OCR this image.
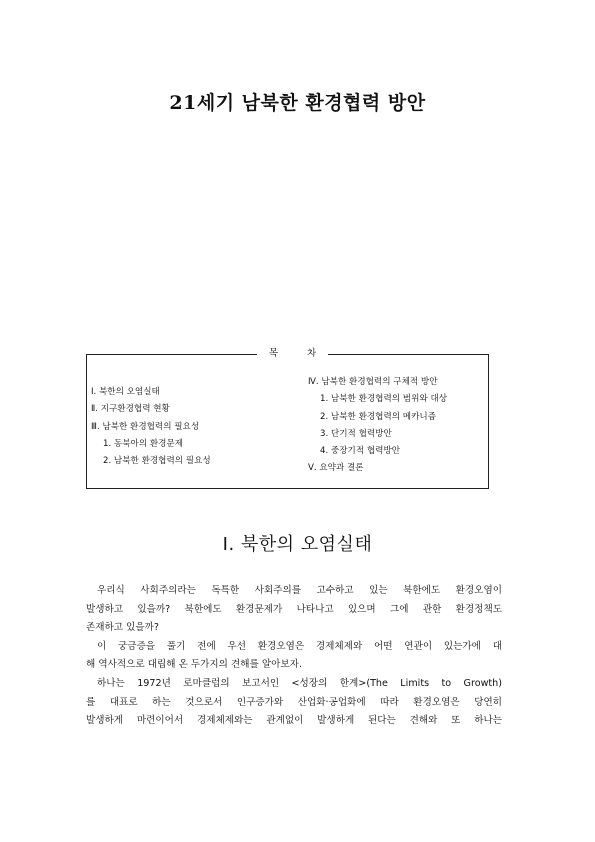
21세기 남북한 환경협력 방안
목 차
Ⅰ. 북한의 오염실태
Ⅱ. 지구환경협력 현황
Ⅲ. 남북한 환경협력의 필요성
1. 동북아의 환경문제
2. 남북한 환경협력의 필요성
Ⅳ. 남북한 환경협력의 구체적 방안
1. 남북한 환경협력의 범위와 대상
2. 남북한 환경협력의 메카니즘
3. 단기적 협력방안
4. 중장기적 협력방안
Ⅴ. 요약과 결론
Ⅰ. 북한의 오염실태
우리식 사회주의라는 독특한 사회주의를 고수하고 있는 북한에도 환경오염이
발생하고 있을까? 북한에도 환경문제가 나타나고 있으며 그에 관한 환경정책도
존재하고 있을까?
이 궁금증을 풀기 전에 우선 환경오염은 경제체제와 어떤 연관이 있는가에 대
해 역사적으로 대립해 온 두가지의 견해를 알아보자.
하나는 1972년 로마클럽의 보고서인 <성장의 한계>(The Limits to Growth)
를 대표로 하는 것으로서 인구증가와 산업화·공업화에 따라 환경오염은 당연히
발생하게 마련이어서 경제체제와는 관계없이 발생하게 된다는 견해와 또 하나는
